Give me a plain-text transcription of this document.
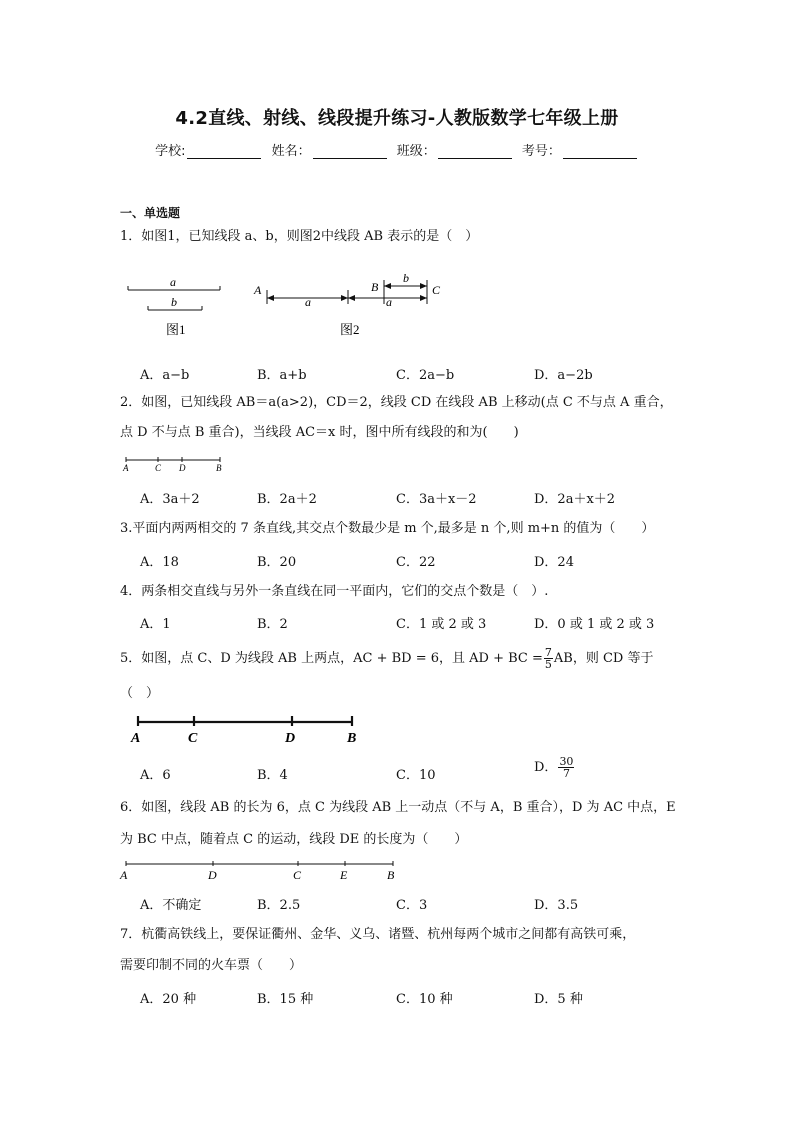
4.2直线、射线、线段提升练习-人教版数学七年级上册
学校:	姓名：	班级：	考号：
一、单选题
1．如图1，已知线段 a、b，则图2中线段 AB 表示的是（　）
a
b
图1
A	B	C
a	a
b
图2
A．a−b	B．a+b	C．2a−b	D．a−2b
2．如图，已知线段 AB＝a(a>2)，CD＝2，线段 CD 在线段 AB 上移动(点 C 不与点 A 重合，
点 D 不与点 B 重合)，当线段 AC＝x 时，图中所有线段的和为(　　)
A	C D	B
A．3a＋2	B．2a＋2	C．3a＋x－2	D．2a＋x＋2
3.平面内两两相交的 7 条直线,其交点个数最少是 m 个,最多是 n 个,则 m+n 的值为（　　）
A．18	B．20	C．22	D．24
4．两条相交直线与另外一条直线在同一平面内，它们的交点个数是（　）.
A．1	B．2	C．1 或 2 或 3	D．0 或 1 或 2 或 3
5．如图，点 C、D 为线段 AB 上两点，AC + BD = 6，且 AD + BC = $\frac{7}{5}$ AB，则 CD 等于
（　）
A	C	D	B
A．6	B．4	C．10
D． $\frac{30}{7}$
6．如图，线段 AB 的长为 6，点 C 为线段 AB 上一动点（不与 A，B 重合），D 为 AC 中点，E
为 BC 中点，随着点 C 的运动，线段 DE 的长度为（　　）
A	D	C	E	B
A．不确定	B．2.5	C．3	D．3.5
7．杭衢高铁线上，要保证衢州、金华、义乌、诸暨、杭州每两个城市之间都有高铁可乘，
需要印制不同的火车票（　　）
A．20 种	B．15 种	C．10 种	D．5 种
